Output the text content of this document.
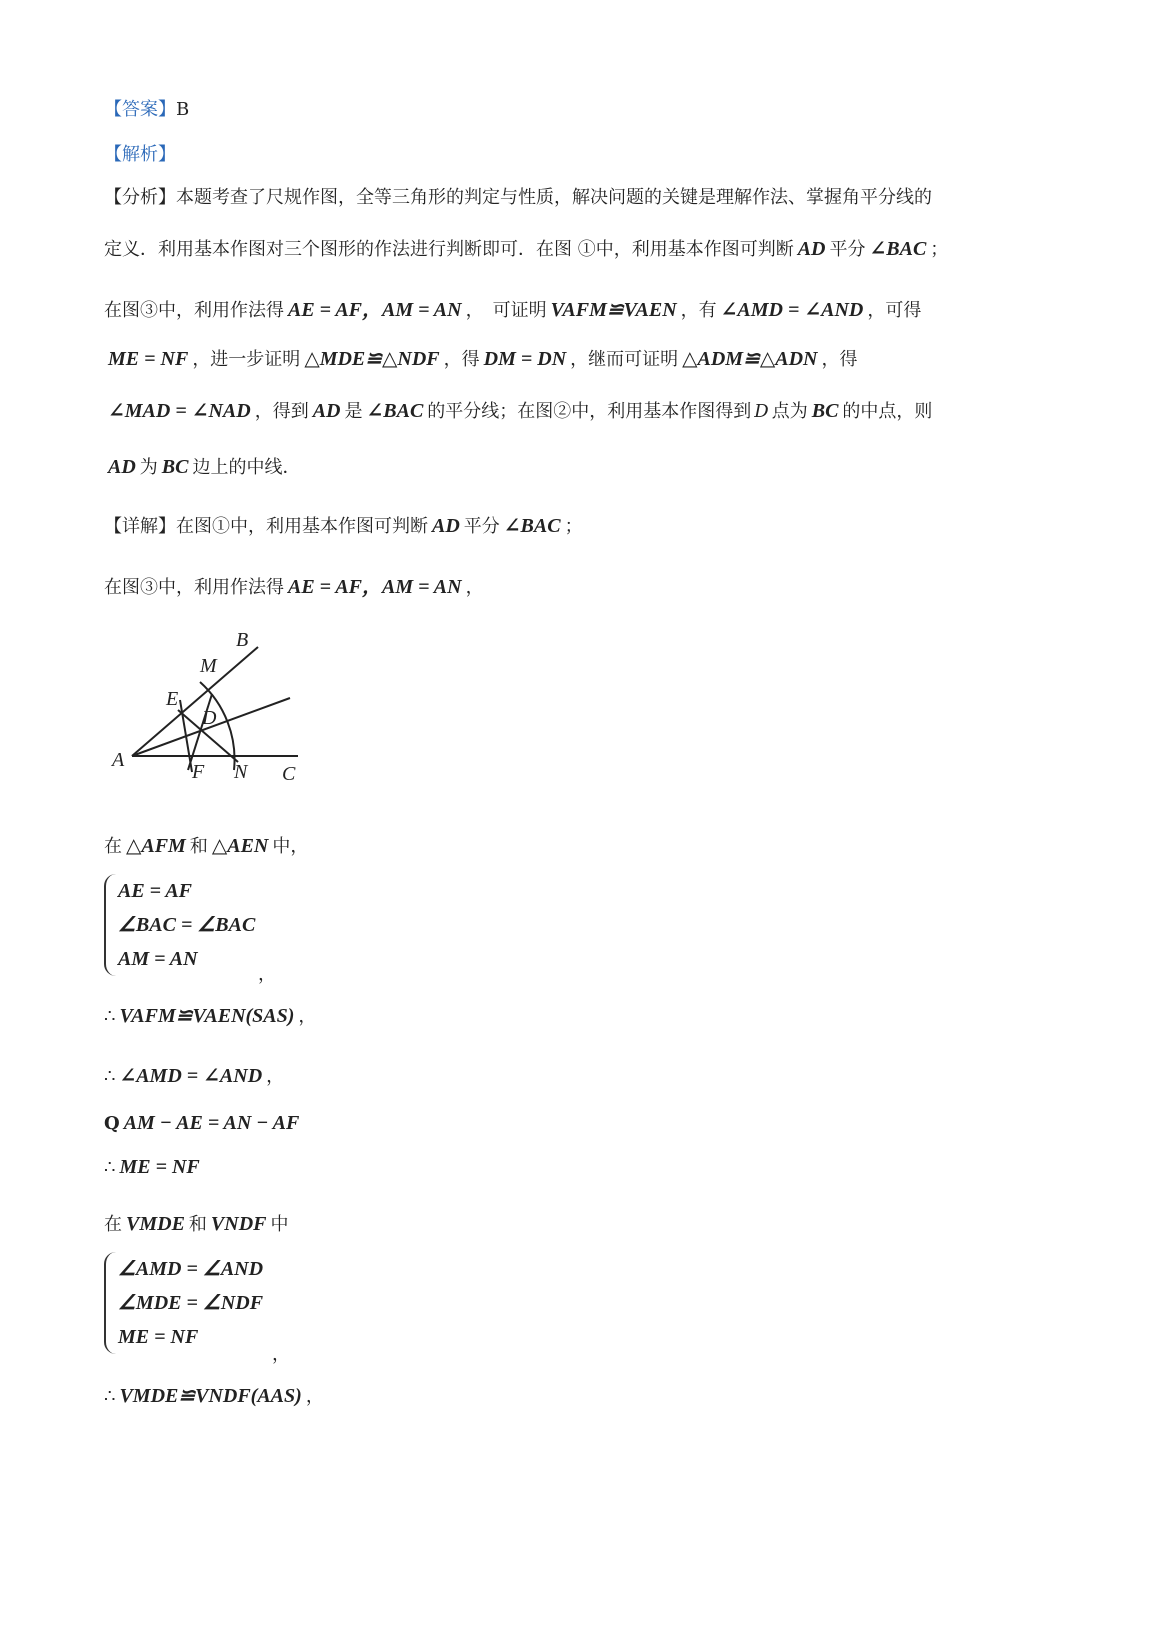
【答案】B
【解析】
【分析】本题考查了尺规作图，全等三角形的判定与性质，解决问题的关键是理解作法、掌握角平分线的
定义．利用基本作图对三个图形的作法进行判断即可．在图 ①中，利用基本作图可判断 AD 平分 ∠BAC ；
在图③中，利用作法得 AE = AF，AM = AN ，　可证明 VAFM≌VAEN ，有 ∠AMD = ∠AND ，可得
ME = NF ，进一步证明 △MDE≌△NDF ，得 DM = DN ，继而可证明 △ADM≌△ADN ，得
∠MAD = ∠NAD ，得到 AD 是 ∠BAC 的平分线；在图②中，利用基本作图得到 D 点为 BC 的中点，则
AD 为 BC 边上的中线．
【详解】在图①中，利用基本作图可判断 AD 平分 ∠BAC ；
在图③中，利用作法得 AE = AF，AM = AN ，
B
M
E
D
A
F N C
在 △AFM 和 △AEN 中，
AE = AF
∠BAC = ∠BAC
AM = AN
，
∴ VAFM≌VAEN(SAS) ，
∴ ∠AMD = ∠AND ，
Q AM − AE = AN − AF
∴ ME = NF
在 VMDE 和 VNDF 中
∠AMD = ∠AND
∠MDE = ∠NDF
ME = NF
，
∴ VMDE≌VNDF(AAS) ，
